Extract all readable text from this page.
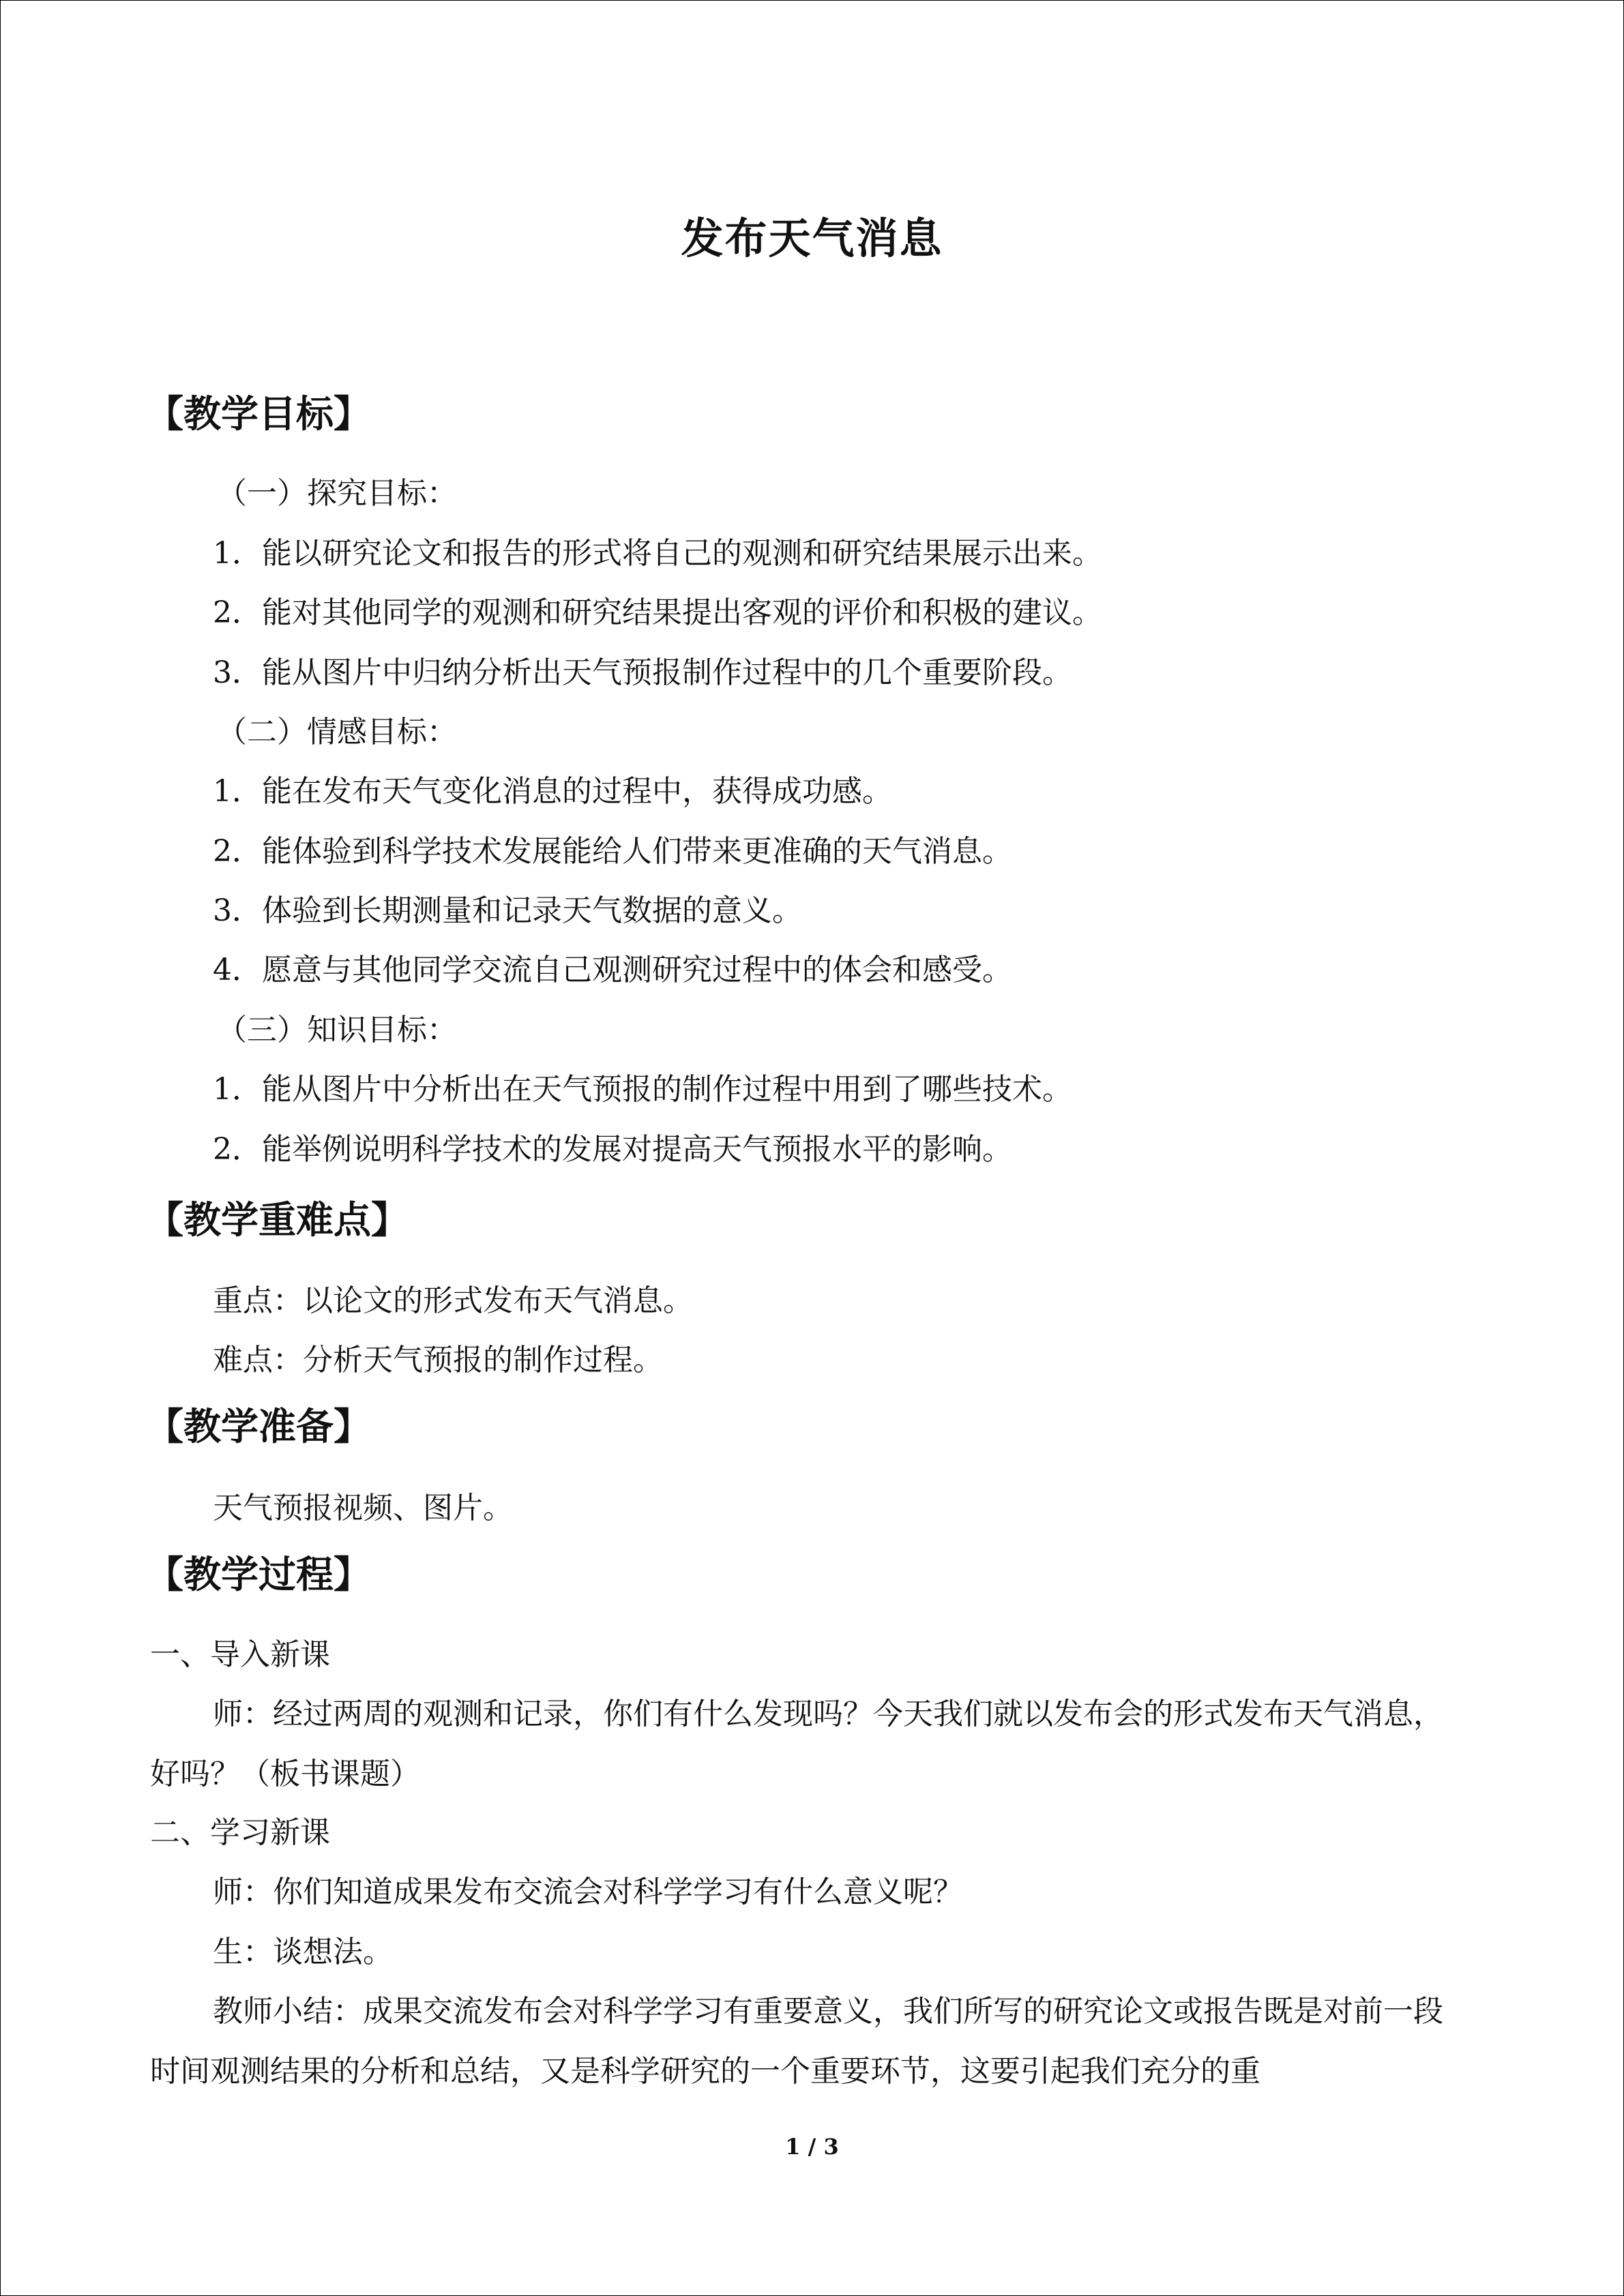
发布天气消息
【教学目标】
（一）探究目标：
1．能以研究论文和报告的形式将自己的观测和研究结果展示出来。
2．能对其他同学的观测和研究结果提出客观的评价和积极的建议。
3．能从图片中归纳分析出天气预报制作过程中的几个重要阶段。
（二）情感目标：
1．能在发布天气变化消息的过程中，获得成功感。
2．能体验到科学技术发展能给人们带来更准确的天气消息。
3．体验到长期测量和记录天气数据的意义。
4．愿意与其他同学交流自己观测研究过程中的体会和感受。
（三）知识目标：
1．能从图片中分析出在天气预报的制作过程中用到了哪些技术。
2．能举例说明科学技术的发展对提高天气预报水平的影响。
【教学重难点】
重点：以论文的形式发布天气消息。
难点：分析天气预报的制作过程。
【教学准备】
天气预报视频、图片。
【教学过程】
一、导入新课
师：经过两周的观测和记录，你们有什么发现吗？今天我们就以发布会的形式发布天气消息，好吗？（板书课题）
二、学习新课
师：你们知道成果发布交流会对科学学习有什么意义呢？
生：谈想法。
教师小结：成果交流发布会对科学学习有重要意义，我们所写的研究论文或报告既是对前一段时间观测结果的分析和总结，又是科学研究的一个重要环节，这要引起我们充分的重
1 / 3
